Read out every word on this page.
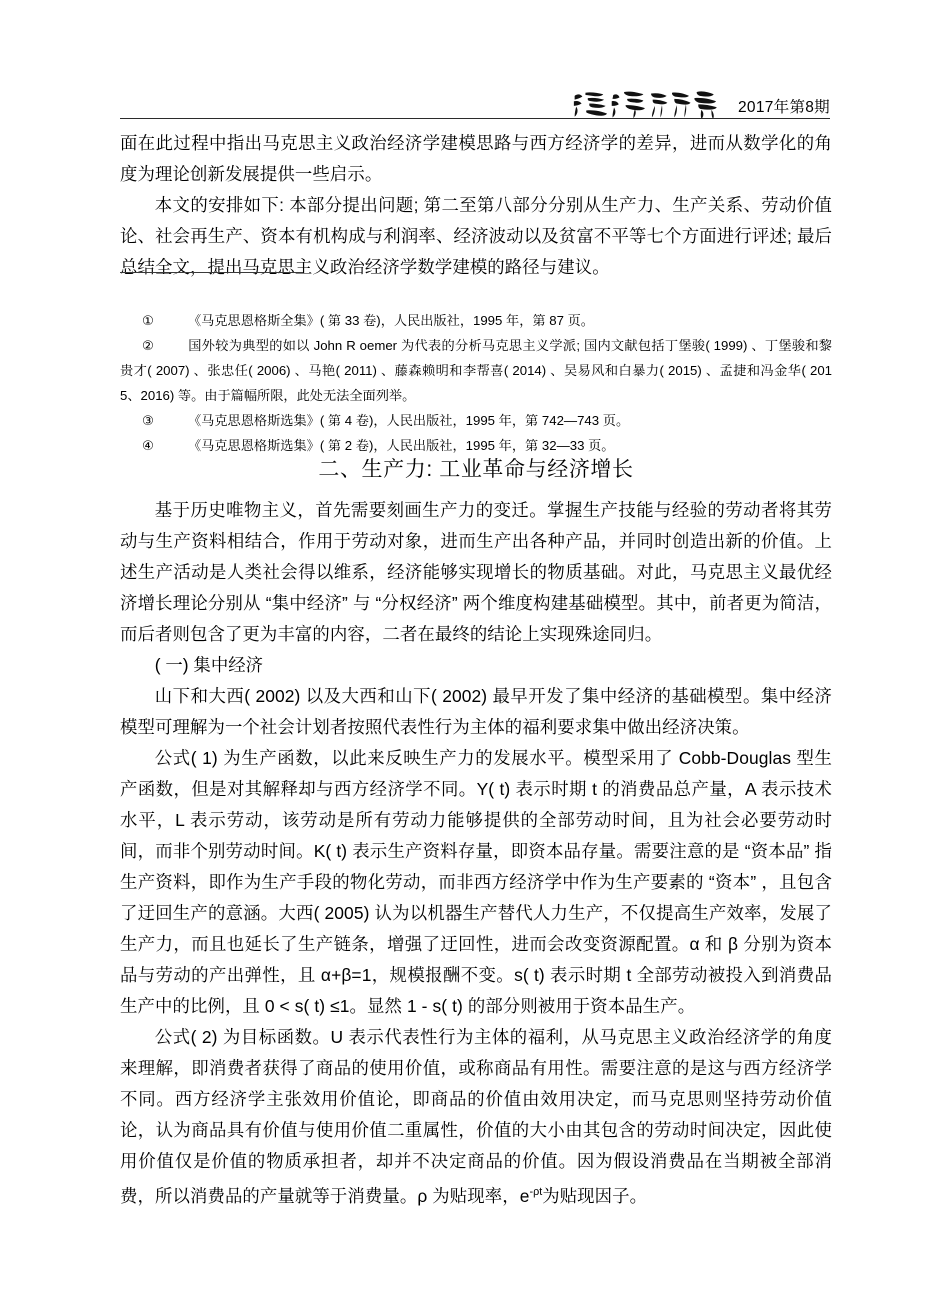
2017年第8期

面在此过程中指出马克思主义政治经济学建模思路与西方经济学的差异，进而从数学化的角度为理论创新发展提供一些启示。

本文的安排如下: 本部分提出问题; 第二至第八部分分别从生产力、生产关系、劳动价值论、社会再生产、资本有机构成与利润率、经济波动以及贫富不平等七个方面进行评述; 最后总结全文，提出马克思主义政治经济学数学建模的路径与建议。

①	《马克思恩格斯全集》( 第 33 卷)，人民出版社，1995 年，第 87 页。

②	国外较为典型的如以 John R oemer 为代表的分析马克思主义学派; 国内文献包括丁堡骏( 1999) 、丁堡骏和黎贵才( 2007) 、张忠任( 2006) 、马艳( 2011) 、藤森赖明和李帮喜( 2014) 、吴易风和白暴力( 2015) 、孟捷和冯金华( 2015、2016) 等。由于篇幅所限，此处无法全面列举。

③	《马克思恩格斯选集》( 第 4 卷)，人民出版社，1995 年，第 742—743 页。

④	《马克思恩格斯选集》( 第 2 卷)，人民出版社，1995 年，第 32—33 页。

二、生产力: 工业革命与经济增长

基于历史唯物主义，首先需要刻画生产力的变迁。掌握生产技能与经验的劳动者将其劳动与生产资料相结合，作用于劳动对象，进而生产出各种产品，并同时创造出新的价值。上述生产活动是人类社会得以维系，经济能够实现增长的物质基础。对此，马克思主义最优经济增长理论分别从 “集中经济” 与 “分权经济” 两个维度构建基础模型。其中，前者更为简洁，而后者则包含了更为丰富的内容，二者在最终的结论上实现殊途同归。

( 一) 集中经济

山下和大西( 2002) 以及大西和山下( 2002) 最早开发了集中经济的基础模型。集中经济模型可理解为一个社会计划者按照代表性行为主体的福利要求集中做出经济决策。

公式( 1) 为生产函数，以此来反映生产力的发展水平。模型采用了 Cobb-Douglas 型生产函数，但是对其解释却与西方经济学不同。Y( t) 表示时期 t 的消费品总产量，A 表示技术水平，L 表示劳动，该劳动是所有劳动力能够提供的全部劳动时间，且为社会必要劳动时间，而非个别劳动时间。K( t) 表示生产资料存量，即资本品存量。需要注意的是 “资本品” 指生产资料，即作为生产手段的物化劳动，而非西方经济学中作为生产要素的 “资本” ，且包含了迂回生产的意涵。大西( 2005) 认为以机器生产替代人力生产，不仅提高生产效率，发展了生产力，而且也延长了生产链条，增强了迂回性，进而会改变资源配置。α 和 β 分别为资本品与劳动的产出弹性，且 α+β=1，规模报酬不变。s( t) 表示时期 t 全部劳动被投入到消费品生产中的比例，且 0 < s( t) ≤1。显然 1 - s( t) 的部分则被用于资本品生产。

公式( 2) 为目标函数。U 表示代表性行为主体的福利，从马克思主义政治经济学的角度来理解，即消费者获得了商品的使用价值，或称商品有用性。需要注意的是这与西方经济学不同。西方经济学主张效用价值论，即商品的价值由效用决定，而马克思则坚持劳动价值论，认为商品具有价值与使用价值二重属性，价值的大小由其包含的劳动时间决定，因此使用价值仅是价值的物质承担者，却并不决定商品的价值。因为假设消费品在当期被全部消费，所以消费品的产量就等于消费量。ρ 为贴现率，$e^{-\rho t}$为贴现因子。
